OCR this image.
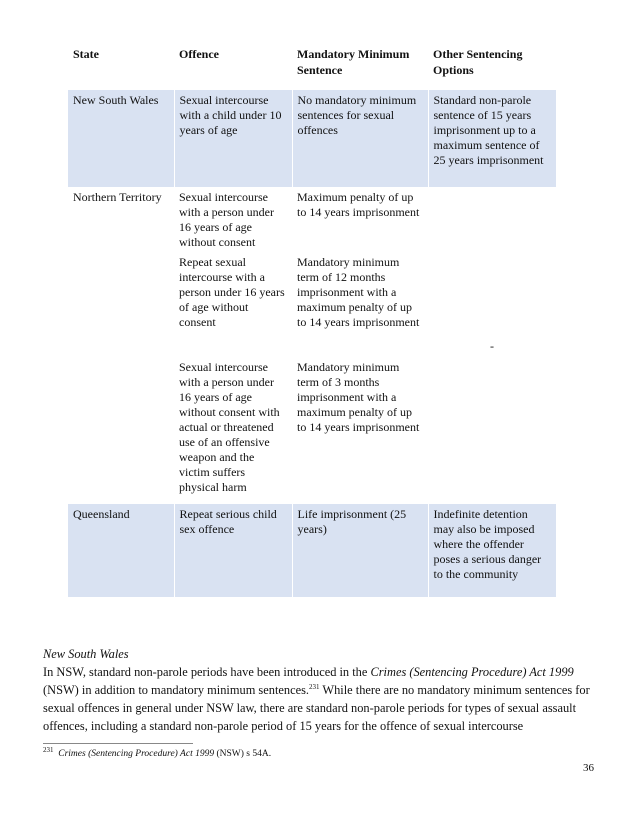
State	Offence	Mandatory Minimum Sentence	Other Sentencing Options
New South Wales	Sexual intercourse with a child under 10 years of age	No mandatory minimum sentences for sexual offences	Standard non-parole sentence of 15 years imprisonment up to a maximum sentence of 25 years imprisonment
Northern Territory	Sexual intercourse with a person under 16 years of age without consent	Maximum penalty of up to 14 years imprisonment	-
	Repeat sexual intercourse with a person under 16 years of age without consent	Mandatory minimum term of 12 months imprisonment with a maximum penalty of up to 14 years imprisonment	
	Sexual intercourse with a person under 16 years of age without consent with actual or threatened use of an offensive weapon and the victim suffers physical harm	Mandatory minimum term of 3 months imprisonment with a maximum penalty of up to 14 years imprisonment	
Queensland	Repeat serious child sex offence	Life imprisonment (25 years)	Indefinite detention may also be imposed where the offender poses a serious danger to the community

New South Wales

In NSW, standard non-parole periods have been introduced in the Crimes (Sentencing Procedure) Act 1999 (NSW) in addition to mandatory minimum sentences.$^{231}$ While there are no mandatory minimum sentences for sexual offences in general under NSW law, there are standard non-parole periods for types of sexual assault offences, including a standard non-parole period of 15 years for the offence of sexual intercourse

$^{231}$ Crimes (Sentencing Procedure) Act 1999 (NSW) s 54A.
36
